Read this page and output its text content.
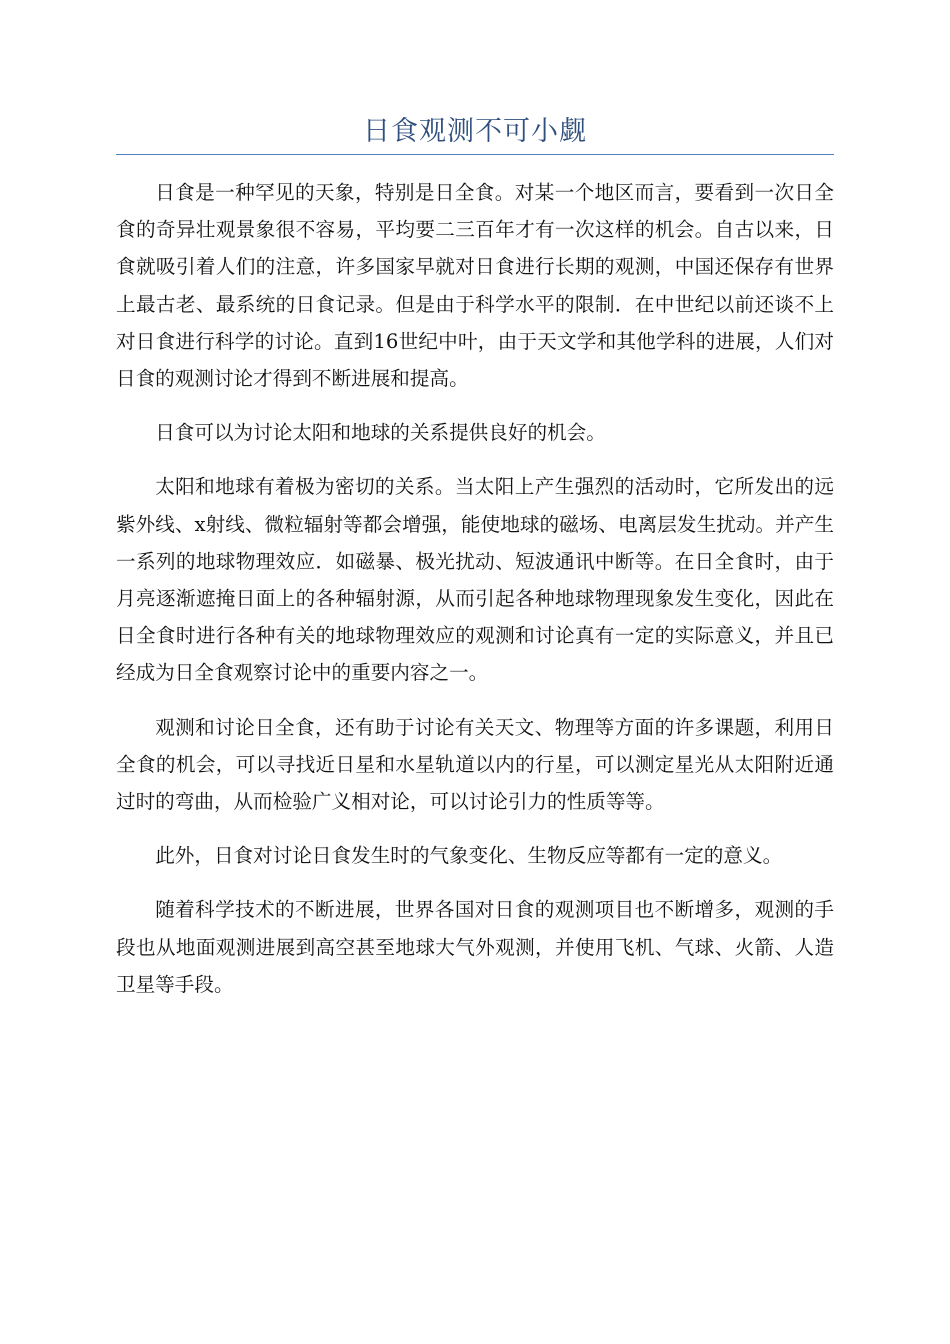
日食观测不可小觑

日食是一种罕见的天象，特别是日全食。对某一个地区而言，要看到一次日全食的奇异壮观景象很不容易，平均要二三百年才有一次这样的机会。自古以来，日食就吸引着人们的注意，许多国家早就对日食进行长期的观测，中国还保存有世界上最古老、最系统的日食记录。但是由于科学水平的限制．在中世纪以前还谈不上对日食进行科学的讨论。直到16世纪中叶，由于天文学和其他学科的进展，人们对日食的观测讨论才得到不断进展和提高。

日食可以为讨论太阳和地球的关系提供良好的机会。

太阳和地球有着极为密切的关系。当太阳上产生强烈的活动时，它所发出的远紫外线、x射线、微粒辐射等都会增强，能使地球的磁场、电离层发生扰动。并产生一系列的地球物理效应．如磁暴、极光扰动、短波通讯中断等。在日全食时，由于月亮逐渐遮掩日面上的各种辐射源，从而引起各种地球物理现象发生变化，因此在日全食时进行各种有关的地球物理效应的观测和讨论真有一定的实际意义，并且已经成为日全食观察讨论中的重要内容之一。

观测和讨论日全食，还有助于讨论有关天文、物理等方面的许多课题，利用日全食的机会，可以寻找近日星和水星轨道以内的行星，可以测定星光从太阳附近通过时的弯曲，从而检验广义相对论，可以讨论引力的性质等等。

此外，日食对讨论日食发生时的气象变化、生物反应等都有一定的意义。

随着科学技术的不断进展，世界各国对日食的观测项目也不断增多，观测的手段也从地面观测进展到高空甚至地球大气外观测，并使用飞机、气球、火箭、人造卫星等手段。
